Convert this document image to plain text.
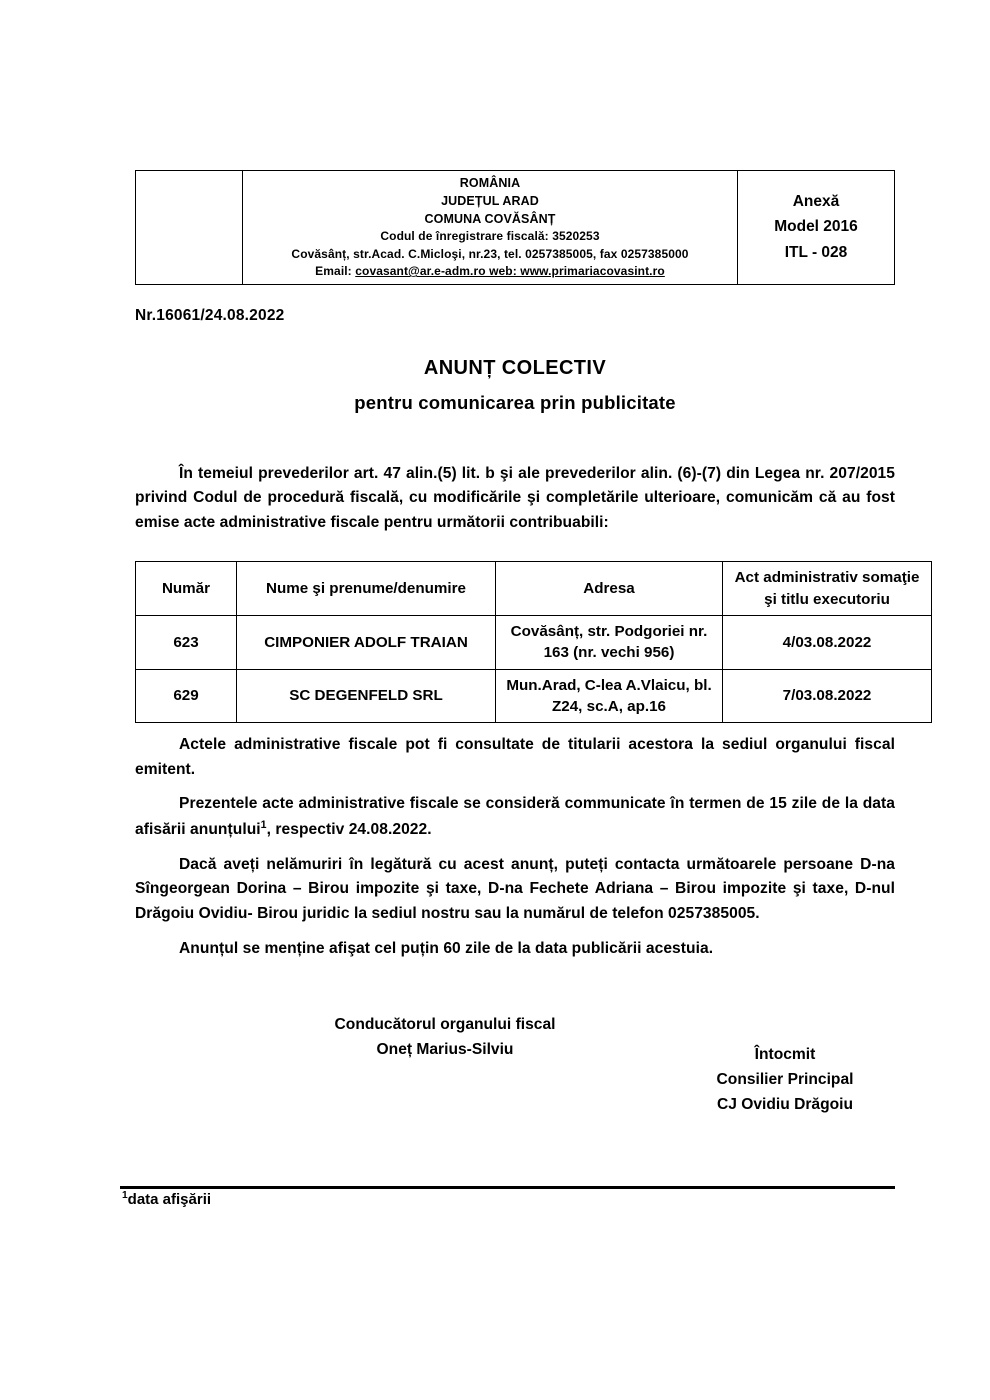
ROMÂNIA
JUDEȚUL ARAD
COMUNA COVĂSÂNȚ
Codul de înregistrare fiscală: 3520253
Covăsânț, str.Acad. C.Micloşi, nr.23, tel. 0257385005, fax 0257385000
Email: covasant@ar.e-adm.ro web: www.primariacovasint.ro

Anexă
Model 2016
ITL - 028
Nr.16061/24.08.2022
ANUNȚ COLECTIV
pentru comunicarea prin publicitate
În temeiul prevederilor art. 47 alin.(5) lit. b şi ale prevederilor alin. (6)-(7) din Legea nr. 207/2015 privind Codul de procedură fiscală, cu modificările şi completările ulterioare, comunicăm că au fost emise acte administrative fiscale pentru următorii contribuabili:
Număr	Nume şi prenume/denumire	Adresa	Act administrativ somaţie şi titlu executoriu
623	CIMPONIER ADOLF TRAIAN	Covăsânț, str. Podgoriei nr. 163 (nr. vechi 956)	4/03.08.2022
629	SC DEGENFELD SRL	Mun.Arad, C-lea A.Vlaicu, bl. Z24, sc.A, ap.16	7/03.08.2022
Actele administrative fiscale pot fi consultate de titularii acestora la sediul organului fiscal emitent.
Prezentele acte administrative fiscale se consideră communicate în termen de 15 zile de la data afisării anunțului$^1$, respectiv 24.08.2022.
Dacă aveți nelămuriri în legătură cu acest anunț, puteți contacta următoarele persoane D-na Sîngeorgean Dorina – Birou impozite şi taxe, D-na Fechete Adriana – Birou impozite şi taxe, D-nul Drăgoiu Ovidiu- Birou juridic la sediul nostru sau la numărul de telefon 0257385005.
Anunțul se menține afişat cel puțin 60 zile de la data publicării acestuia.
Conducătorul organului fiscal
Oneț Marius-Silviu	Întocmit
Consilier Principal
CJ Ovidiu Drăgoiu
$^1$data afişării
